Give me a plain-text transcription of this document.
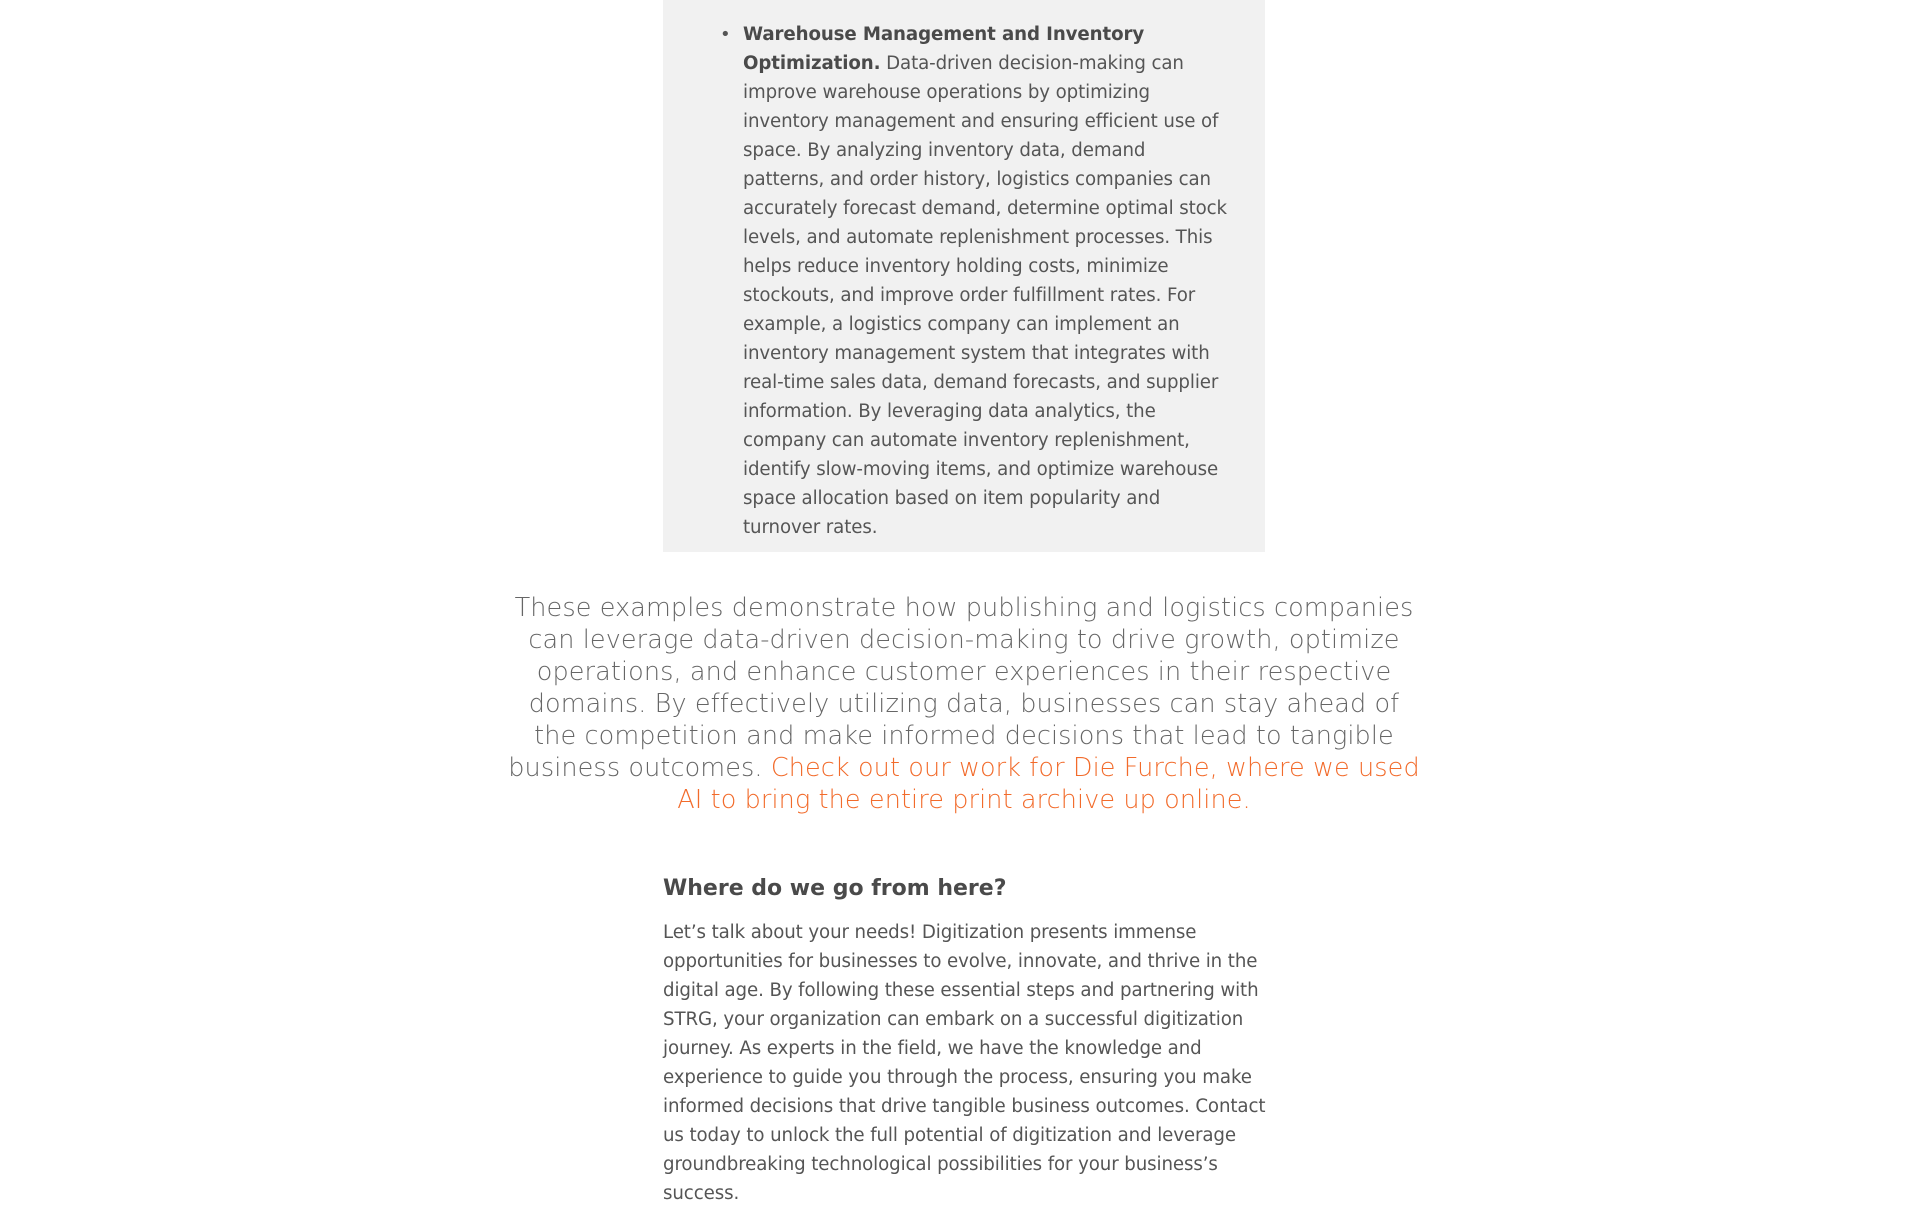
• Warehouse Management and Inventory Optimization. Data-driven decision-making can improve warehouse operations by optimizing inventory management and ensuring efficient use of space. By analyzing inventory data, demand patterns, and order history, logistics companies can accurately forecast demand, determine optimal stock levels, and automate replenishment processes. This helps reduce inventory holding costs, minimize stockouts, and improve order fulfillment rates. For example, a logistics company can implement an inventory management system that integrates with real-time sales data, demand forecasts, and supplier information. By leveraging data analytics, the company can automate inventory replenishment, identify slow-moving items, and optimize warehouse space allocation based on item popularity and turnover rates.
These examples demonstrate how publishing and logistics companies can leverage data-driven decision-making to drive growth, optimize operations, and enhance customer experiences in their respective domains. By effectively utilizing data, businesses can stay ahead of the competition and make informed decisions that lead to tangible business outcomes. Check out our work for Die Furche, where we used AI to bring the entire print archive up online.
Where do we go from here?

Let’s talk about your needs! Digitization presents immense opportunities for businesses to evolve, innovate, and thrive in the digital age. By following these essential steps and partnering with STRG, your organization can embark on a successful digitization journey. As experts in the field, we have the knowledge and experience to guide you through the process, ensuring you make informed decisions that drive tangible business outcomes. Contact us today to unlock the full potential of digitization and leverage groundbreaking technological possibilities for your business’s success.
